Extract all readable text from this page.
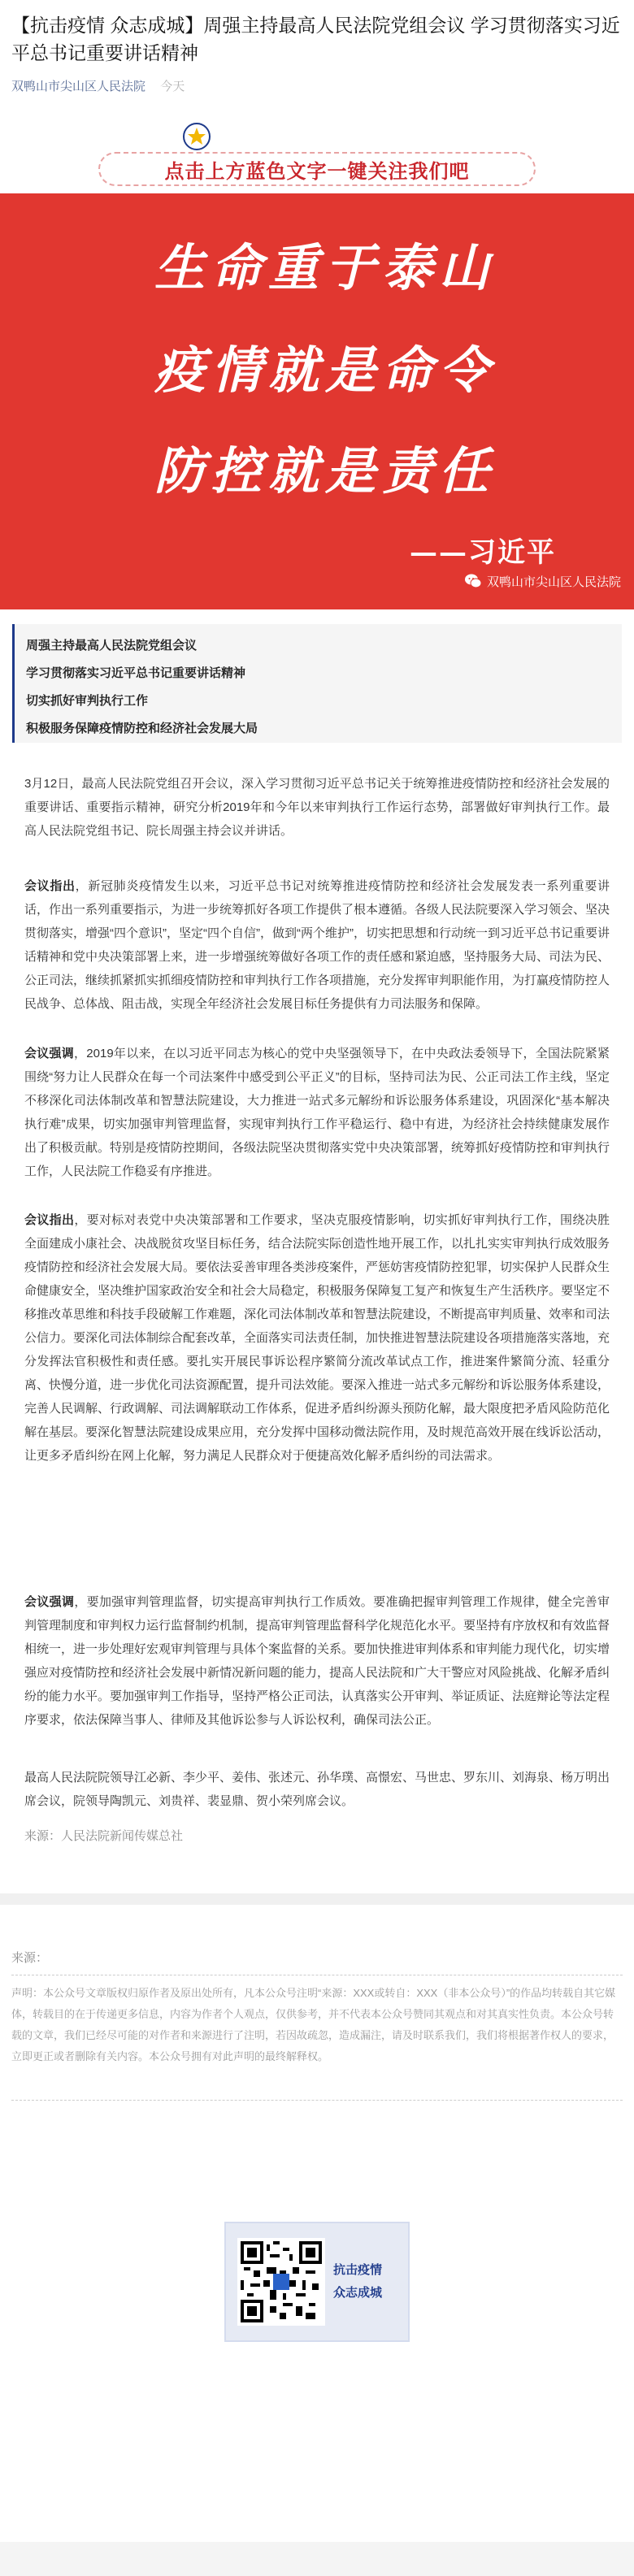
【抗击疫情 众志成城】周强主持最高人民法院党组会议 学习贯彻落实习近平总书记重要讲话精神
双鸭山市尖山区人民法院 今天
点击上方蓝色文字一键关注我们吧
生命重于泰山
疫情就是命令
防控就是责任
——习近平
双鸭山市尖山区人民法院

周强主持最高人民法院党组会议

学习贯彻落实习近平总书记重要讲话精神

切实抓好审判执行工作

积极服务保障疫情防控和经济社会发展大局

3月12日，最高人民法院党组召开会议，深入学习贯彻习近平总书记关于统筹推进疫情防控和经济社会发展的重要讲话、重要指示精神，研究分析2019年和今年以来审判执行工作运行态势，部署做好审判执行工作。最高人民法院党组书记、院长周强主持会议并讲话。

会议指出，新冠肺炎疫情发生以来，习近平总书记对统筹推进疫情防控和经济社会发展发表一系列重要讲话，作出一系列重要指示，为进一步统筹抓好各项工作提供了根本遵循。各级人民法院要深入学习领会、坚决贯彻落实，增强“四个意识”，坚定“四个自信”，做到“两个维护”，切实把思想和行动统一到习近平总书记重要讲话精神和党中央决策部署上来，进一步增强统筹做好各项工作的责任感和紧迫感，坚持服务大局、司法为民、公正司法，继续抓紧抓实抓细疫情防控和审判执行工作各项措施，充分发挥审判职能作用，为打赢疫情防控人民战争、总体战、阻击战，实现全年经济社会发展目标任务提供有力司法服务和保障。

会议强调，2019年以来，在以习近平同志为核心的党中央坚强领导下，在中央政法委领导下，全国法院紧紧围绕“努力让人民群众在每一个司法案件中感受到公平正义”的目标，坚持司法为民、公正司法工作主线，坚定不移深化司法体制改革和智慧法院建设，大力推进一站式多元解纷和诉讼服务体系建设，巩固深化“基本解决执行难”成果，切实加强审判管理监督，实现审判执行工作平稳运行、稳中有进，为经济社会持续健康发展作出了积极贡献。特别是疫情防控期间，各级法院坚决贯彻落实党中央决策部署，统筹抓好疫情防控和审判执行工作，人民法院工作稳妥有序推进。

会议指出，要对标对表党中央决策部署和工作要求，坚决克服疫情影响，切实抓好审判执行工作，围绕决胜全面建成小康社会、决战脱贫攻坚目标任务，结合法院实际创造性地开展工作，以扎扎实实审判执行成效服务疫情防控和经济社会发展大局。要依法妥善审理各类涉疫案件，严惩妨害疫情防控犯罪，切实保护人民群众生命健康安全，坚决维护国家政治安全和社会大局稳定，积极服务保障复工复产和恢复生产生活秩序。要坚定不移推改革思维和科技手段破解工作难题，深化司法体制改革和智慧法院建设，不断提高审判质量、效率和司法公信力。要深化司法体制综合配套改革，全面落实司法责任制，加快推进智慧法院建设各项措施落实落地，充分发挥法官积极性和责任感。要扎实开展民事诉讼程序繁简分流改革试点工作，推进案件繁简分流、轻重分离、快慢分道，进一步优化司法资源配置，提升司法效能。要深入推进一站式多元解纷和诉讼服务体系建设，完善人民调解、行政调解、司法调解联动工作体系，促进矛盾纠纷源头预防化解，最大限度把矛盾风险防范化解在基层。要深化智慧法院建设成果应用，充分发挥中国移动微法院作用，及时规范高效开展在线诉讼活动，让更多矛盾纠纷在网上化解，努力满足人民群众对于便捷高效化解矛盾纠纷的司法需求。

会议强调，要加强审判管理监督，切实提高审判执行工作质效。要准确把握审判管理工作规律，健全完善审判管理制度和审判权力运行监督制约机制，提高审判管理监督科学化规范化水平。要坚持有序放权和有效监督相统一，进一步处理好宏观审判管理与具体个案监督的关系。要加快推进审判体系和审判能力现代化，切实增强应对疫情防控和经济社会发展中新情况新问题的能力，提高人民法院和广大干警应对风险挑战、化解矛盾纠纷的能力水平。要加强审判工作指导，坚持严格公正司法，认真落实公开审判、举证质证、法庭辩论等法定程序要求，依法保障当事人、律师及其他诉讼参与人诉讼权利，确保司法公正。

最高人民法院院领导江必新、李少平、姜伟、张述元、孙华璞、高憬宏、马世忠、罗东川、刘海泉、杨万明出席会议，院领导陶凯元、刘贵祥、裴显鼎、贺小荣列席会议。

来源：人民法院新闻传媒总社

来源：

声明：本公众号文章版权归原作者及原出处所有，凡本公众号注明“来源：XXX或转自：XXX（非本公众号）”的作品均转载自其它媒体，转载目的在于传递更多信息，内容为作者个人观点，仅供参考，并不代表本公众号赞同其观点和对其真实性负责。本公众号转载的文章，我们已经尽可能的对作者和来源进行了注明，若因故疏忽，造成漏注，请及时联系我们，我们将根据著作权人的要求，立即更正或者删除有关内容。本公众号拥有对此声明的最终解释权。

抗击疫情
众志成城
